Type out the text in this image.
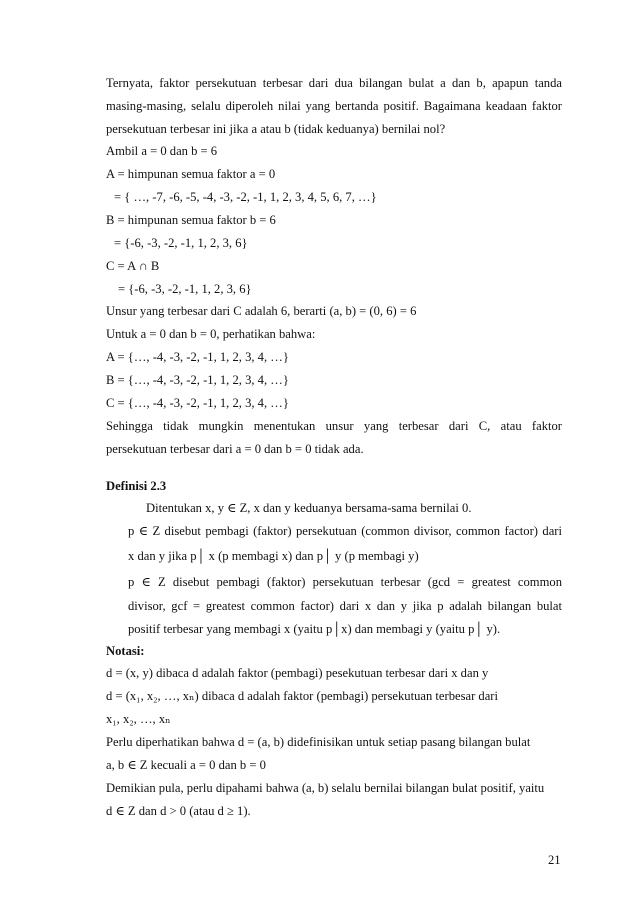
Ternyata, faktor persekutuan terbesar dari dua bilangan bulat a dan b, apapun tanda
masing-masing, selalu diperoleh nilai yang bertanda positif. Bagaimana keadaan faktor
persekutuan terbesar ini jika a atau b (tidak keduanya) bernilai nol?
Ambil a = 0 dan b = 6
A = himpunan semua faktor a = 0
= { …, -7, -6, -5, -4, -3, -2, -1, 1, 2, 3, 4, 5, 6, 7, …}
B = himpunan semua faktor b = 6
= {-6, -3, -2, -1, 1, 2, 3, 6}
C = A ∩ B
= {-6, -3, -2, -1, 1, 2, 3, 6}
Unsur yang terbesar dari C adalah 6, berarti (a, b) = (0, 6) = 6
Untuk a = 0 dan b = 0, perhatikan bahwa:
A = {…, -4, -3, -2, -1, 1, 2, 3, 4, …}
B = {…, -4, -3, -2, -1, 1, 2, 3, 4, …}
C = {…, -4, -3, -2, -1, 1, 2, 3, 4, …}
Sehingga tidak mungkin menentukan unsur yang terbesar dari C, atau faktor
persekutuan terbesar dari a = 0 dan b = 0 tidak ada.
Definisi 2.3
Ditentukan x, y ∈ Z, x dan y keduanya bersama-sama bernilai 0.
p ∈ Z disebut pembagi (faktor) persekutuan (common divisor, common factor) dari
x dan y jika p│ x (p membagi x) dan p│ y (p membagi y)
p ∈ Z disebut pembagi (faktor) persekutuan terbesar (gcd = greatest common
divisor, gcf = greatest common factor) dari x dan y jika p adalah bilangan bulat
positif terbesar yang membagi x (yaitu p│x) dan membagi y (yaitu p│ y).
Notasi:
d = (x, y) dibaca d adalah faktor (pembagi) pesekutuan terbesar dari x dan y
d = (x₁, x₂, …, xₙ) dibaca d adalah faktor (pembagi) persekutuan terbesar dari
x₁, x₂, …, xₙ
Perlu diperhatikan bahwa d = (a, b) didefinisikan untuk setiap pasang bilangan bulat
a, b ∈ Z kecuali a = 0 dan b = 0
Demikian pula, perlu dipahami bahwa (a, b) selalu bernilai bilangan bulat positif, yaitu
d ∈ Z dan d > 0 (atau d ≥ 1).
21
